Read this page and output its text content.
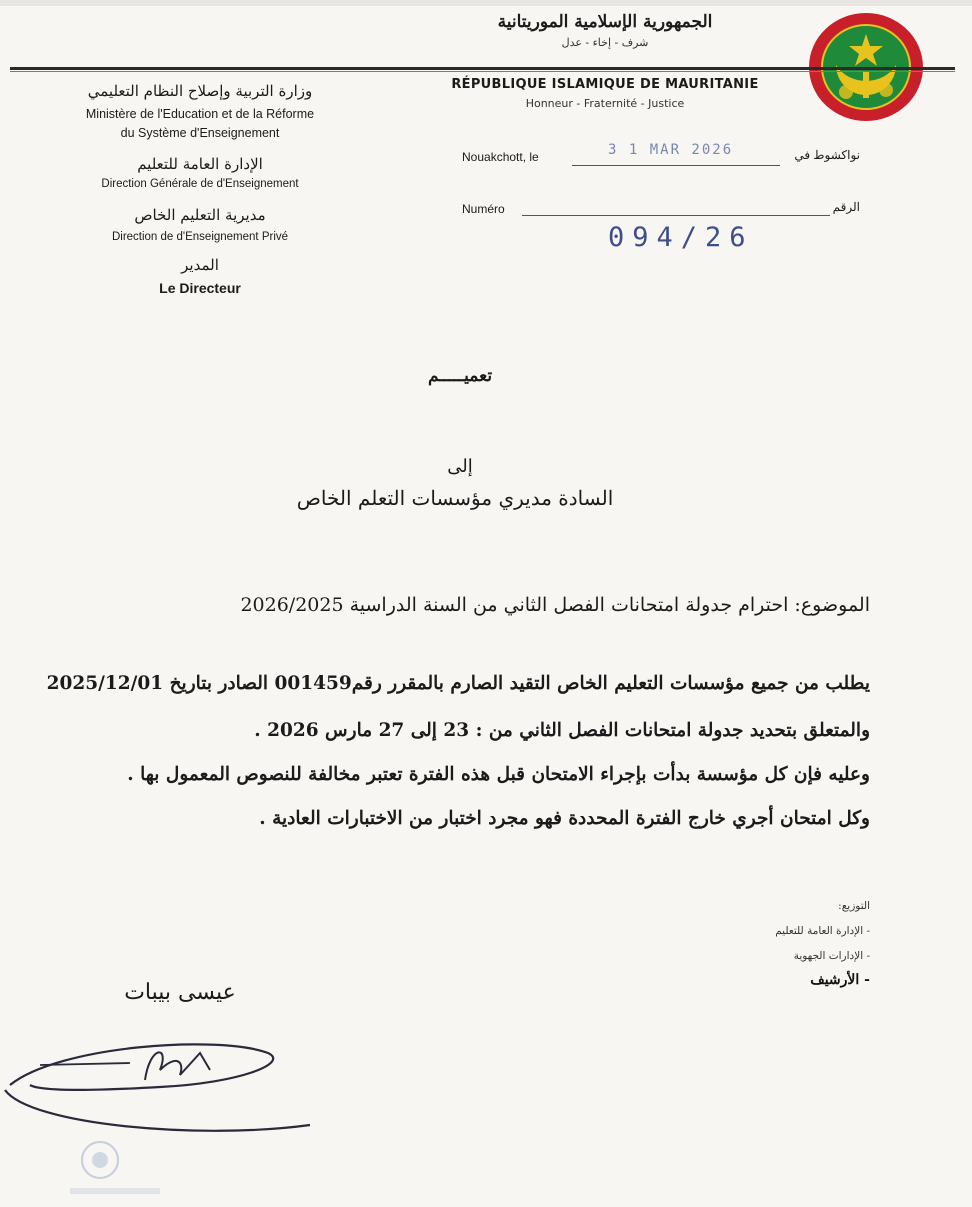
الجمهورية الإسلامية الموريتانية
شرف - إخاء - عدل
RÉPUBLIQUE ISLAMIQUE DE MAURITANIE
Honneur - Fraternité - Justice
وزارة التربية وإصلاح النظام التعليمي
Ministère de l'Education et de la Réforme
du Système d'Enseignement
الإدارة العامة للتعليم
Direction Générale de d'Enseignement
مديرية التعليم الخاص
Direction de d'Enseignement Privé
المدير
Le Directeur
Nouakchott, le	3 1 MAR 2026	نواكشوط في
Numéro	الرقم
094/26
تعميـــــم
إلى
السادة مديري مؤسسات التعلم الخاص
الموضوع: احترام جدولة امتحانات الفصل الثاني من السنة الدراسية 2026/2025
يطلب من جميع مؤسسات التعليم الخاص التقيد الصارم بالمقرر رقم001459 الصادر بتاريخ 2025/12/01
والمتعلق بتحديد جدولة امتحانات الفصل الثاني من : 23 إلى 27 مارس 2026 .
وعليه فإن كل مؤسسة بدأت بإجراء الامتحان قبل هذه الفترة تعتبر مخالفة للنصوص المعمول بها .
وكل امتحان أجري خارج الفترة المحددة فهو مجرد اختبار من الاختبارات العادية .
التوزيع:
- الإدارة العامة للتعليم
- الإدارات الجهوية
- الأرشيف
عيسى بيبات
